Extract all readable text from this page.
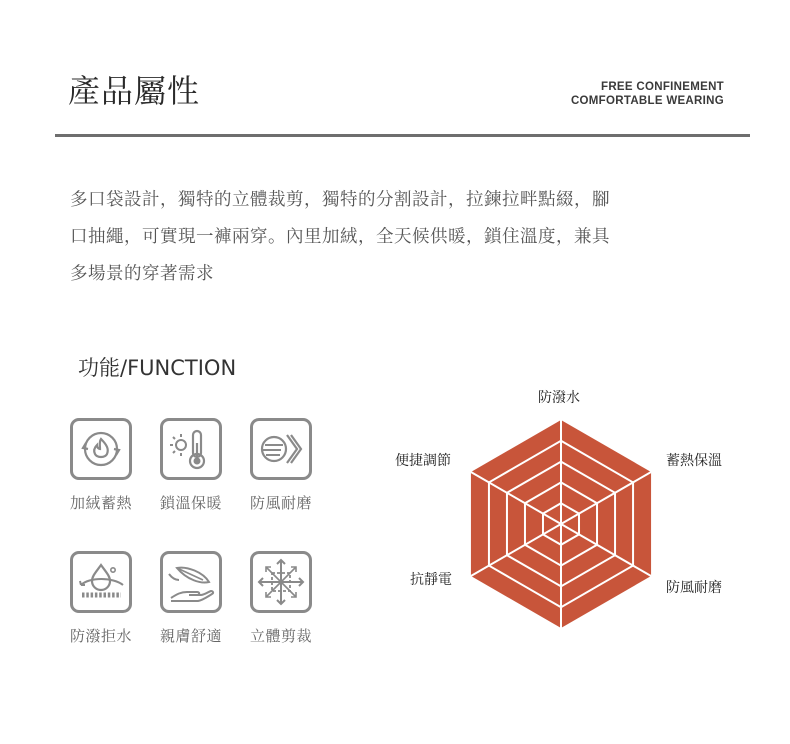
產品屬性	FREE CONFINEMENT
COMFORTABLE WEARING
多口袋設計，獨特的立體裁剪，獨特的分割設計，拉鍊拉畔點綴，腳
口抽繩，可實現一褲兩穿。內里加絨，全天候供暖，鎖住溫度，兼具
多場景的穿著需求
功能/FUNCTION
加絨蓄熱 鎖溫保暖 防風耐磨
防潑拒水 親膚舒適 立體剪裁
防潑水
蓄熱保溫
防風耐磨
抗靜電
便捷調節
